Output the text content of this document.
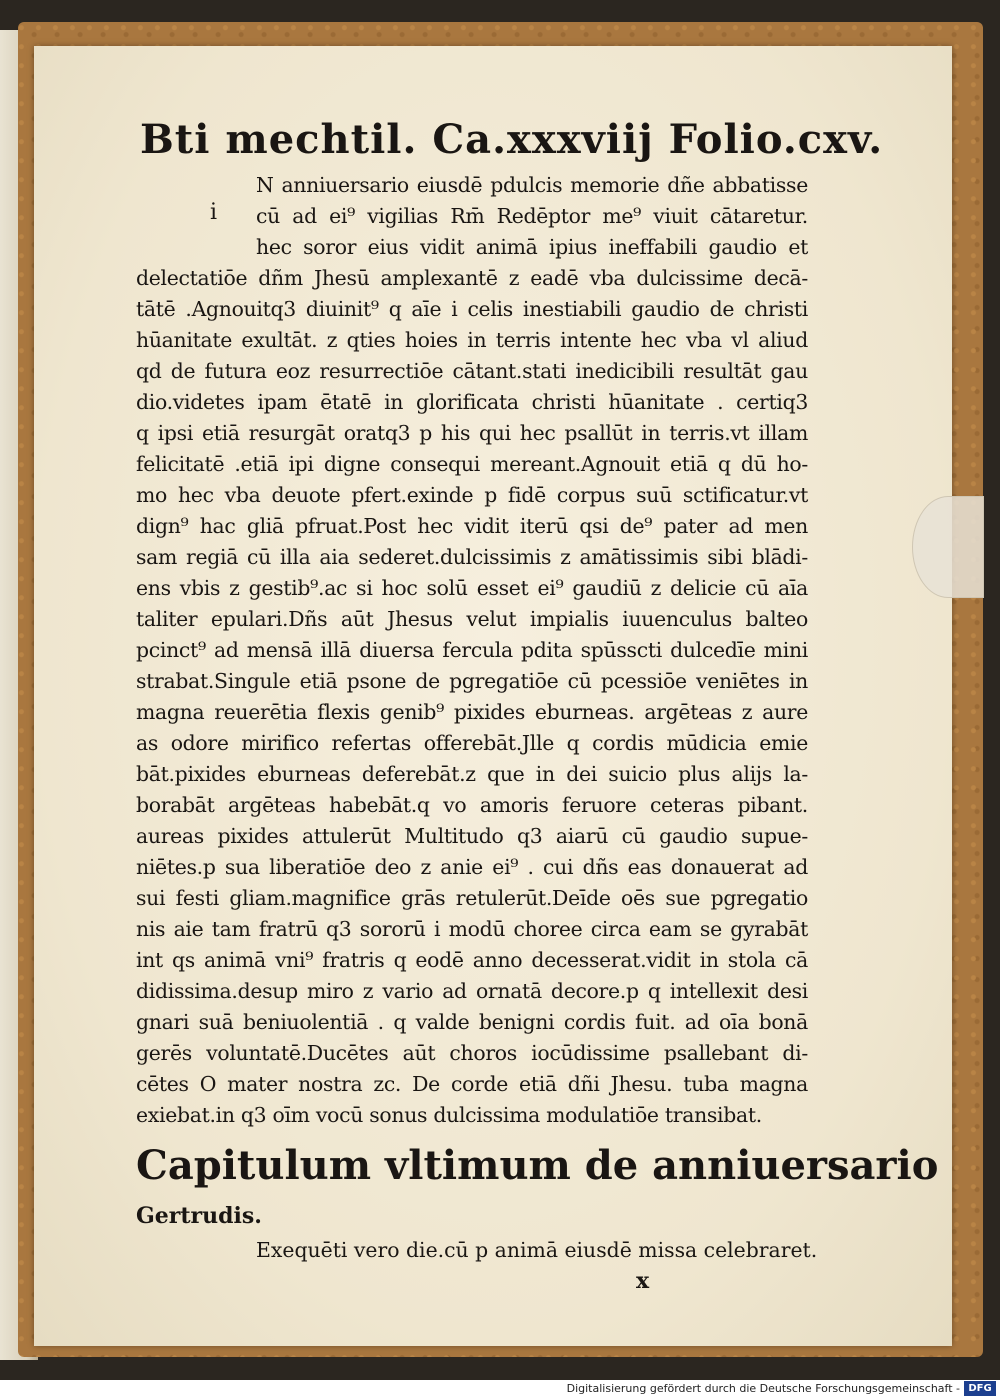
i
Bti mechtil. Ca.xxxviij Folio.cxv.
N anniuersario eiusdē pdulcis memorie dñe abbatisse
cū ad ei⁹ vigilias Rm̄ Redēptor me⁹ viuit cātaretur.
hec soror eius vidit animā ipius ineffabili gaudio et
delectatiōe dñm Jhesū amplexantē z eadē vba dulcissime decā-
tātē .Agnouitq3 diuinit⁹ q aīe i celis inestiabili gaudio de christi
hūanitate exultāt. z qties hoies in terris intente hec vba vl aliud
qd de futura eoz resurrectiōe cātant.stati inedicibili resultāt gau
dio.videtes ipam ētatē in glorificata christi hūanitate . certiq3
q ipsi etiā resurgāt oratq3 p his qui hec psallūt in terris.vt illam
felicitatē .etiā ipi digne consequi mereant.Agnouit etiā q dū ho-
mo hec vba deuote pfert.exinde p fidē corpus suū sctificatur.vt
dign⁹ hac gliā pfruat.Post hec vidit iterū qsi de⁹ pater ad men
sam regiā cū illa aia sederet.dulcissimis z amātissimis sibi blādi-
ens vbis z gestib⁹.ac si hoc solū esset ei⁹ gaudiū z delicie cū aīa
taliter epulari.Dñs aūt Jhesus velut impialis iuuenculus balteo
pcinct⁹ ad mensā illā diuersa fercula pdita spūsscti dulcedīe mini
strabat.Singule etiā psone de pgregatiōe cū pcessiōe veniētes in
magna reuerētia flexis genib⁹ pixides eburneas. argēteas z aure
as odore mirifico refertas offerebāt.Jlle q cordis mūdicia emie
bāt.pixides eburneas deferebāt.z que in dei suicio plus alijs la-
borabāt argēteas habebāt.q vo amoris feruore ceteras pibant.
aureas pixides attulerūt Multitudo q3 aiarū cū gaudio supue-
niētes.p sua liberatiōe deo z anie ei⁹ . cui dñs eas donauerat ad
sui festi gliam.magnifice grās retulerūt.Deīde oēs sue pgregatio
nis aie tam fratrū q3 sororū i modū choree circa eam se gyrabāt
int qs animā vni⁹ fratris q eodē anno decesserat.vidit in stola cā
didissima.desup miro z vario ad ornatā decore.p q intellexit desi
gnari suā beniuolentiā . q valde benigni cordis fuit. ad oīa bonā
gerēs voluntatē.Ducētes aūt choros iocūdissime psallebant di-
cētes O mater nostra zc. De corde etiā dñi Jhesu. tuba magna
exiebat.in q3 oīm vocū sonus dulcissima modulatiōe transibat.
Capitulum vltimum de anniuersario
Gertrudis.
Exequēti vero die.cū p animā eiusdē missa celebraret.
x
Digitalisierung gefördert durch die Deutsche Forschungsgemeinschaft - DFG
